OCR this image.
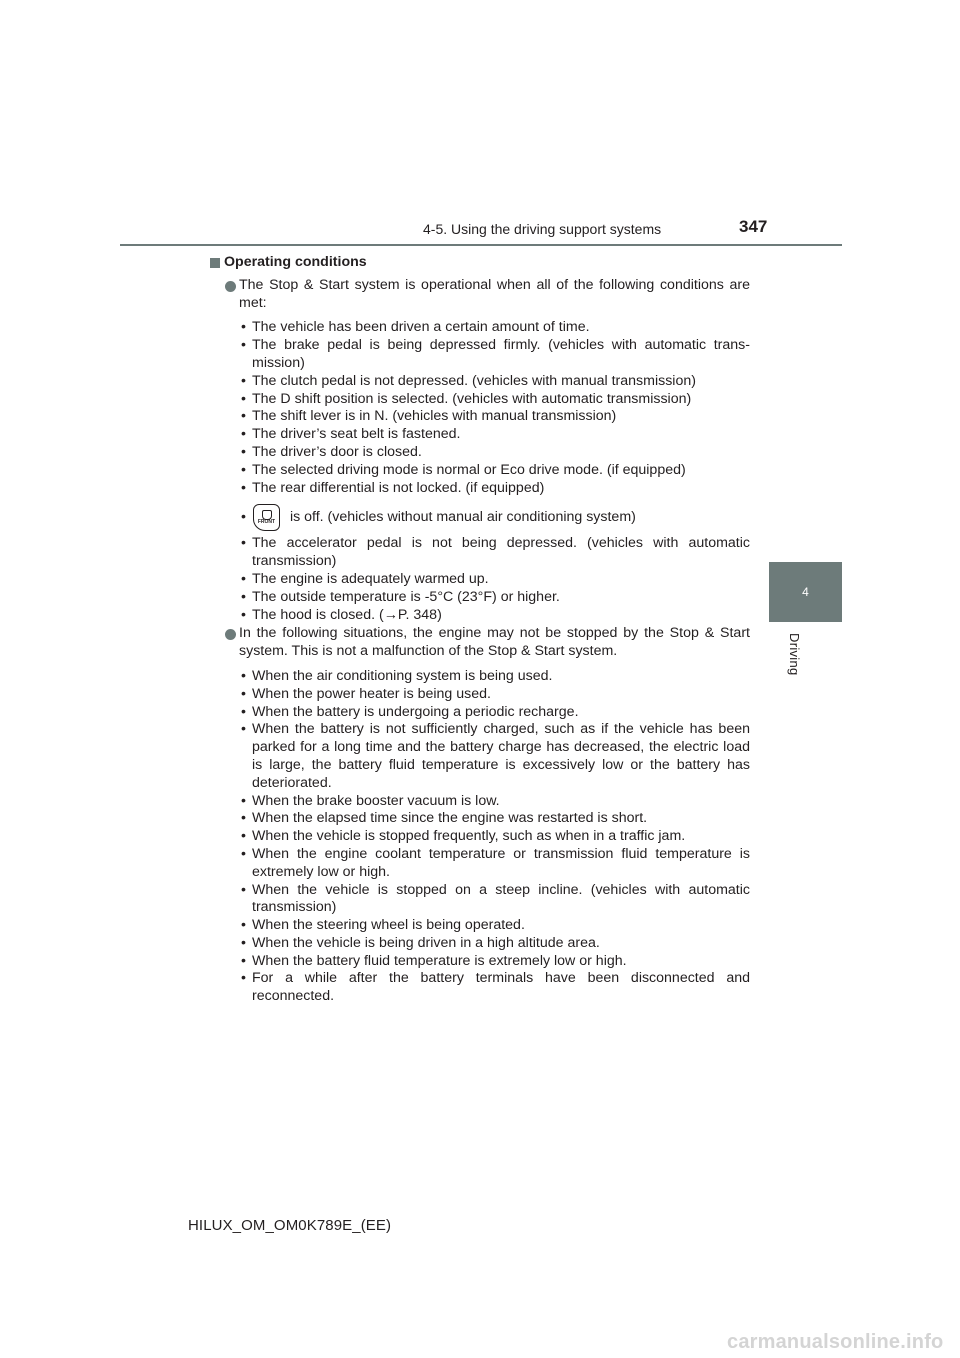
4-5. Using the driving support systems	347
4
Driving
Operating conditions
The Stop & Start system is operational when all of the following conditions are met:
• The vehicle has been driven a certain amount of time.
• The brake pedal is being depressed firmly. (vehicles with automatic trans-mission)
• The clutch pedal is not depressed. (vehicles with manual transmission)
• The D shift position is selected. (vehicles with automatic transmission)
• The shift lever is in N. (vehicles with manual transmission)
• The driver’s seat belt is fastened.
• The driver’s door is closed.
• The selected driving mode is normal or Eco drive mode. (if equipped)
• The rear differential is not locked. (if equipped)
•	FRONT is off. (vehicles without manual air conditioning system)
• The accelerator pedal is not being depressed. (vehicles with automatic transmission)
• The engine is adequately warmed up.
• The outside temperature is -5°C (23°F) or higher.
• The hood is closed. (→P. 348)
In the following situations, the engine may not be stopped by the Stop & Start system. This is not a malfunction of the Stop & Start system.
• When the air conditioning system is being used.
• When the power heater is being used.
• When the battery is undergoing a periodic recharge.
• When the battery is not sufficiently charged, such as if the vehicle has been parked for a long time and the battery charge has decreased, the electric load is large, the battery fluid temperature is excessively low or the battery has deteriorated.
• When the brake booster vacuum is low.
• When the elapsed time since the engine was restarted is short.
• When the vehicle is stopped frequently, such as when in a traffic jam.
• When the engine coolant temperature or transmission fluid temperature is extremely low or high.
• When the vehicle is stopped on a steep incline. (vehicles with automatic transmission)
• When the steering wheel is being operated.
• When the vehicle is being driven in a high altitude area.
• When the battery fluid temperature is extremely low or high.
• For a while after the battery terminals have been disconnected and reconnected.
HILUX_OM_OM0K789E_(EE)
carmanualsonline.info
